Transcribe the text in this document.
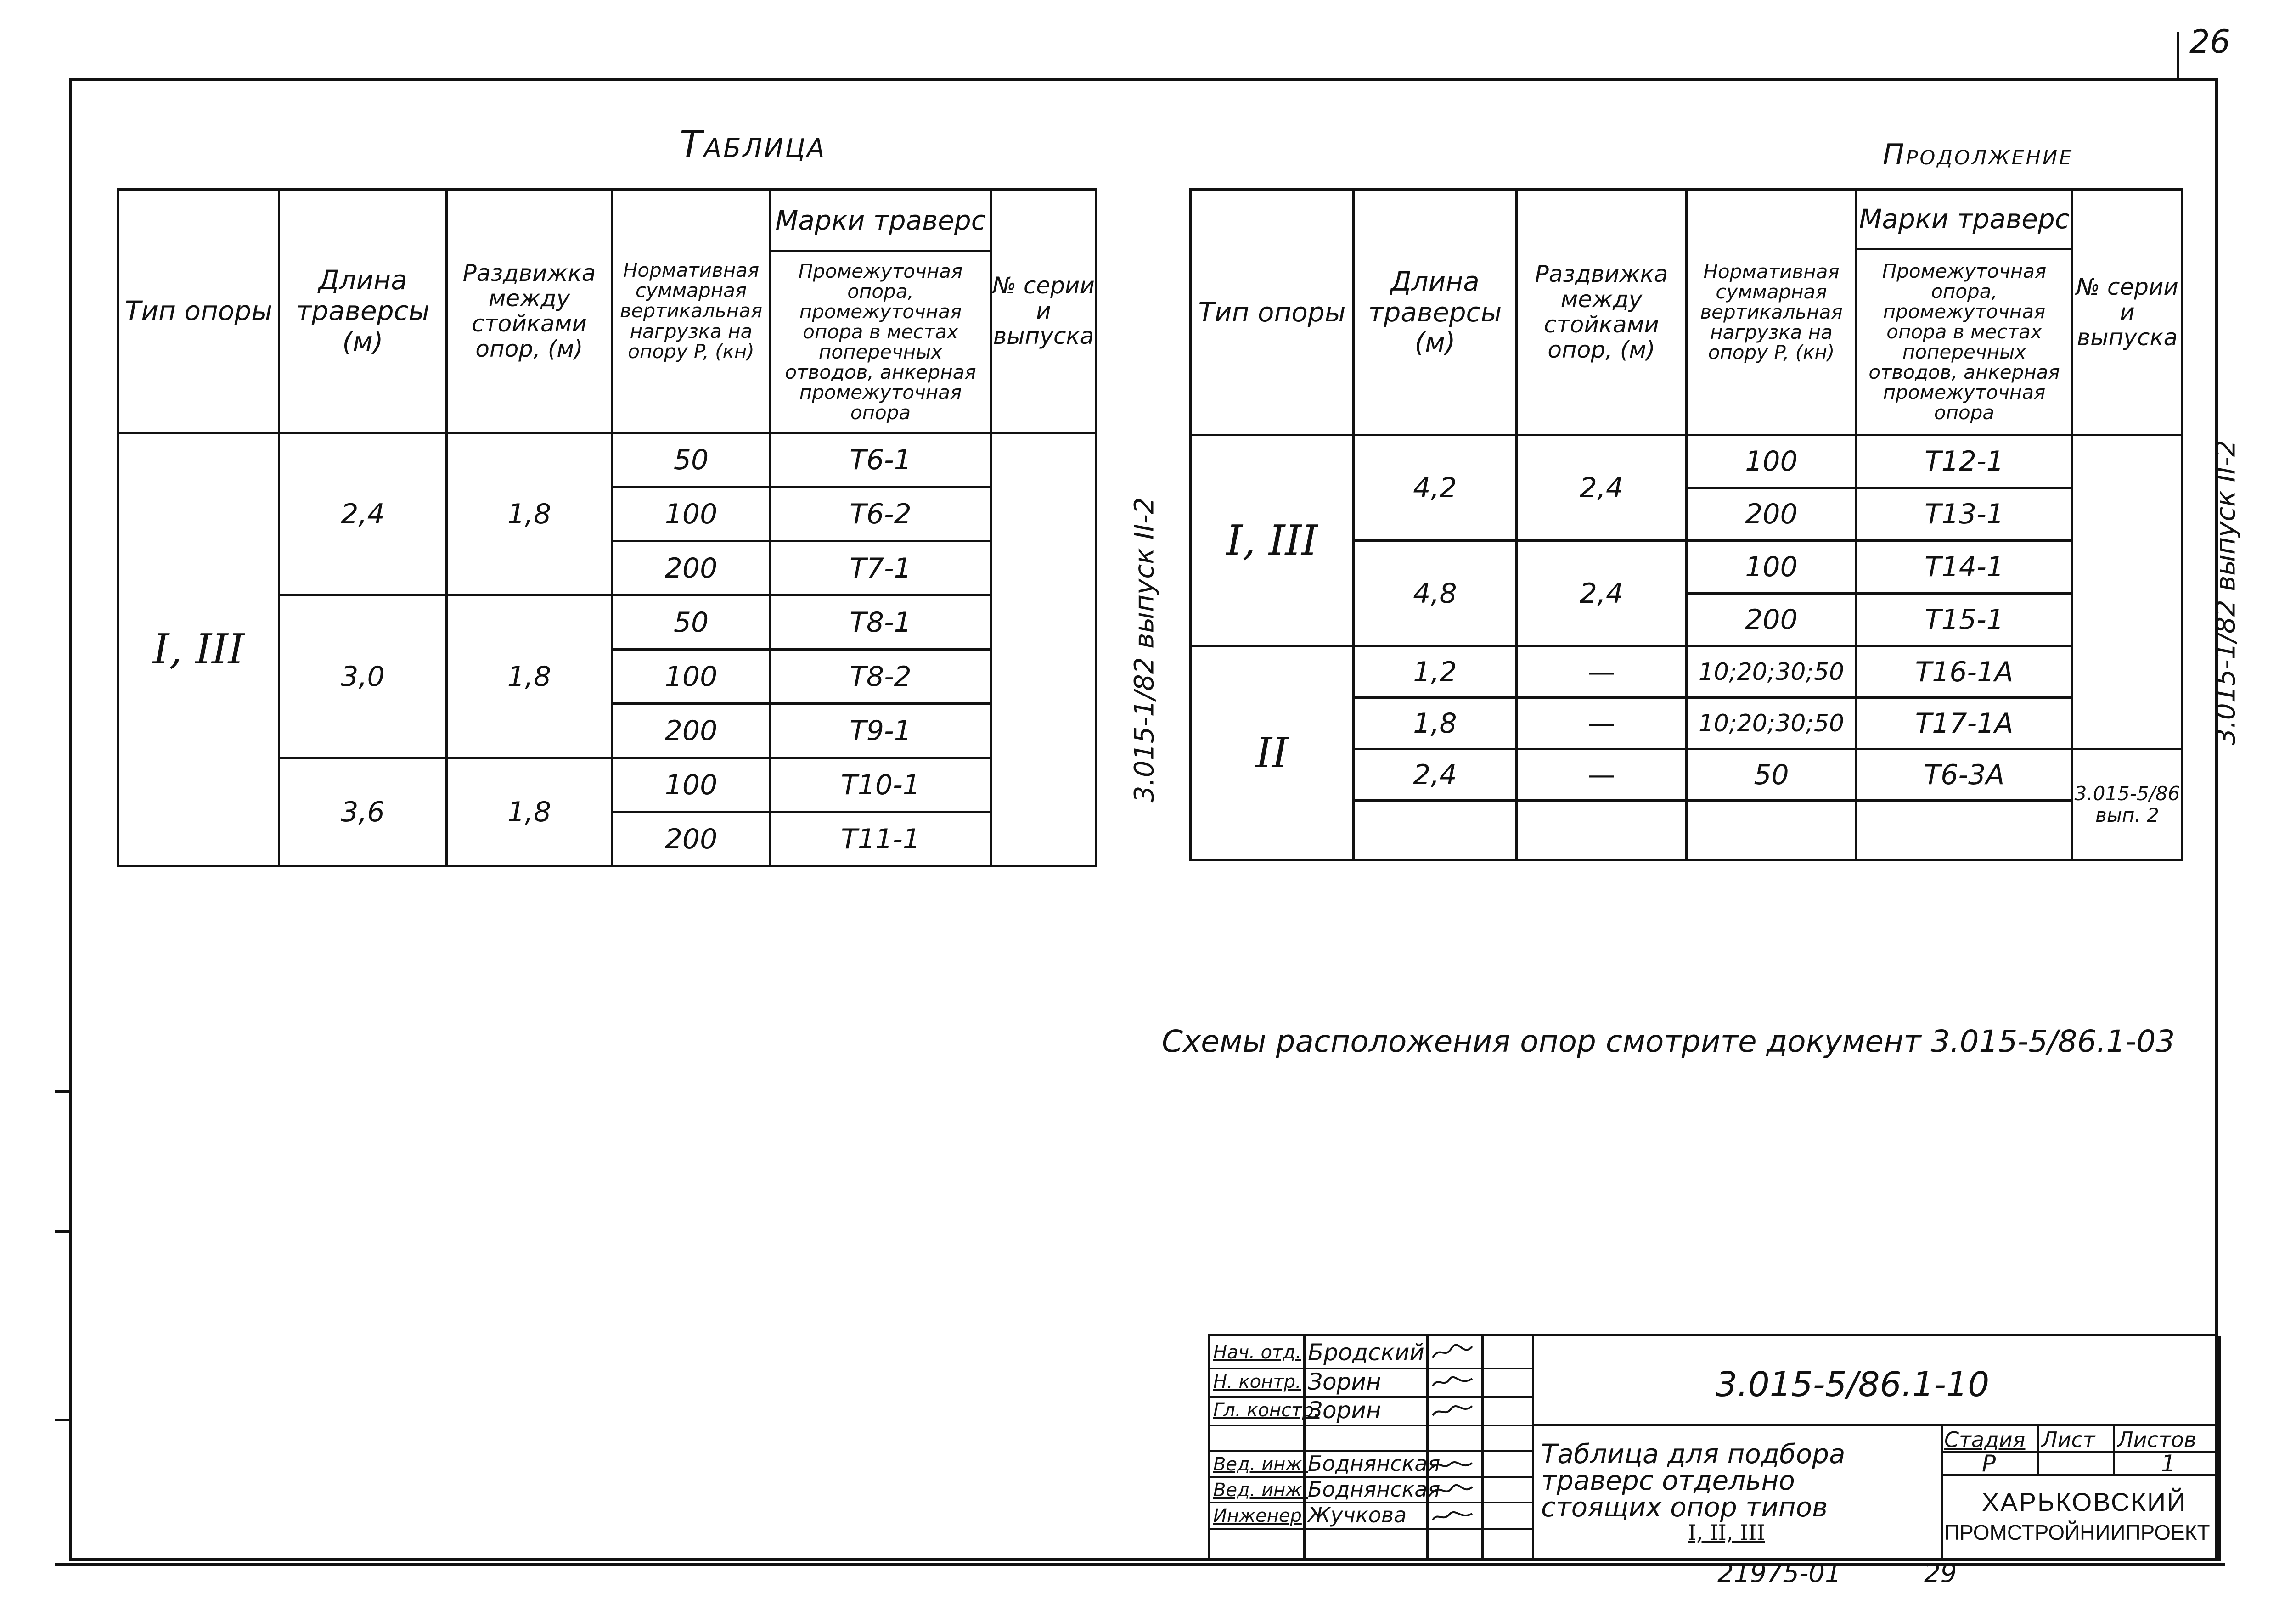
26
Таблица
Тип опоры	Длина траверсы (м)	Раздвижка между стойками опор, (м)	Нормативная суммарная вертикальная нагрузка на опору P, (кн)	Марки траверс	№ серии и выпуска
				Промежуточная опора, промежуточная опора в местах поперечных отводов, анкерная промежуточная опора	
I, III	2,4	1,8	50	Т6-1	3.015-1/82 выпуск II-2
			100	Т6-2	
			200	Т7-1	
	3,0	1,8	50	Т8-1	
			100	Т8-2	
			200	Т9-1	
	3,6	1,8	100	Т10-1	
			200	Т11-1	
Продолжение
Тип опоры	Длина траверсы (м)	Раздвижка между стойками опор, (м)	Нормативная суммарная вертикальная нагрузка на опору P, (кн)	Марки траверс	№ серии и выпуска
				Промежуточная опора, промежуточная опора в местах поперечных отводов, анкерная промежуточная опора	
I, III	4,2	2,4	100	Т12-1	3.015-1/82 выпуск II-2
			200	Т13-1	
	4,8	2,4	100	Т14-1	
			200	Т15-1	
II	1,2	—	10;20;30;50	Т16-1А	
	1,8	—	10;20;30;50	Т17-1А	
	2,4	—	50	Т6-3А	3.015-5/86 вып. 2

Схемы расположения опор смотрите документ 3.015-5/86.1-03
Нач. отд. Бродский
Н. контр. Зорин
Гл. констр.
Зорин
Вед. инж. Боднянская
Вед. инж. Боднянская
Инженер Жучкова
3.015-5/86.1-10
Стадия Лист Листов
Р	1
Таблица для подбора
траверс отдельно
стоящих опор типов
I, II, III
ХАРЬКОВСКИЙ
ПРОМСТРОЙНИИПРОЕКТ
21975-01	29
